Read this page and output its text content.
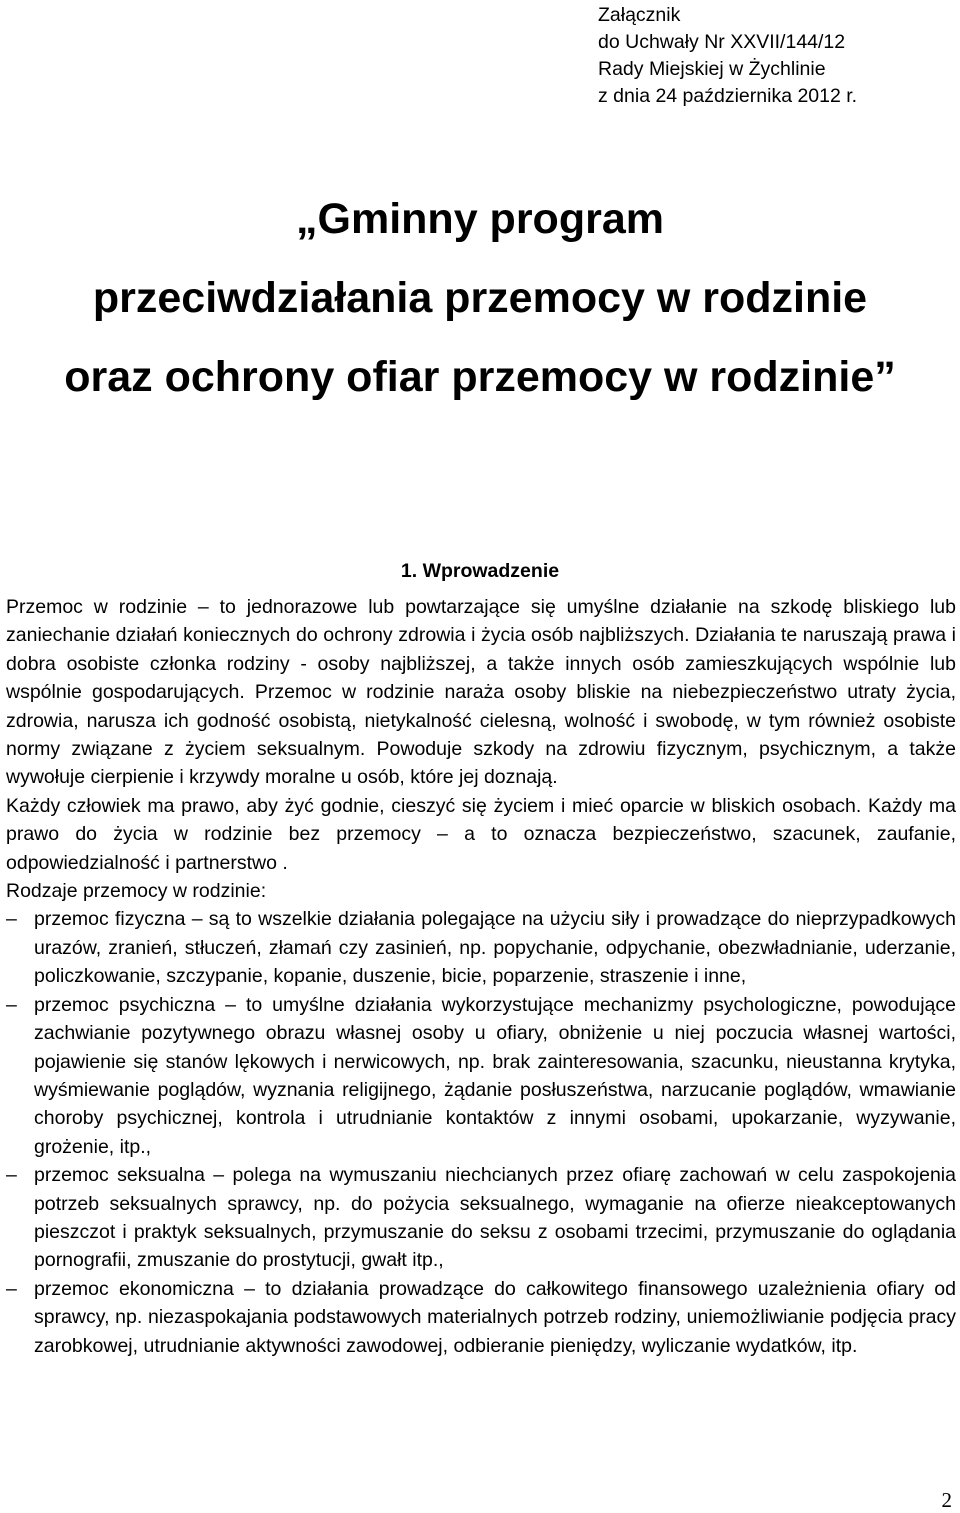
Załącznik
do Uchwały Nr XXVII/144/12
Rady Miejskiej w Żychlinie
z dnia 24 października 2012 r.
„Gminny program
przeciwdziałania przemocy w rodzinie
oraz ochrony ofiar przemocy w rodzinie”
1. Wprowadzenie

Przemoc w rodzinie – to jednorazowe lub powtarzające się umyślne działanie na szkodę bliskiego lub zaniechanie działań koniecznych do ochrony zdrowia i życia osób najbliższych. Działania te naruszają prawa i dobra osobiste członka rodziny - osoby najbliższej, a także innych osób zamieszkujących wspólnie lub wspólnie gospodarujących. Przemoc w rodzinie naraża osoby bliskie na niebezpieczeństwo utraty życia, zdrowia, narusza ich godność osobistą, nietykalność cielesną, wolność i swobodę, w tym również osobiste normy związane z życiem seksualnym. Powoduje szkody na zdrowiu fizycznym, psychicznym, a także wywołuje cierpienie i krzywdy moralne u osób, które jej doznają.

Każdy człowiek ma prawo, aby żyć godnie, cieszyć się życiem i mieć oparcie w bliskich osobach. Każdy ma prawo do życia w rodzinie bez przemocy – a to oznacza bezpieczeństwo, szacunek, zaufanie, odpowiedzialność i partnerstwo .

Rodzaje przemocy w rodzinie:

– przemoc fizyczna – są to wszelkie działania polegające na użyciu siły i prowadzące do nieprzypadkowych urazów, zranień, stłuczeń, złamań czy zasinień, np. popychanie, odpychanie, obezwładnianie, uderzanie, policzkowanie, szczypanie, kopanie, duszenie, bicie, poparzenie, straszenie i inne,
– przemoc psychiczna – to umyślne działania wykorzystujące mechanizmy psychologiczne, powodujące zachwianie pozytywnego obrazu własnej osoby u ofiary, obniżenie u niej poczucia własnej wartości, pojawienie się stanów lękowych i nerwicowych, np. brak zainteresowania, szacunku, nieustanna krytyka, wyśmiewanie poglądów, wyznania religijnego, żądanie posłuszeństwa, narzucanie poglądów, wmawianie choroby psychicznej, kontrola i utrudnianie kontaktów z innymi osobami, upokarzanie, wyzywanie, grożenie, itp.,
– przemoc seksualna – polega na wymuszaniu niechcianych przez ofiarę zachowań w celu zaspokojenia potrzeb seksualnych sprawcy, np. do pożycia seksualnego, wymaganie na ofierze nieakceptowanych pieszczot i praktyk seksualnych, przymuszanie do seksu z osobami trzecimi, przymuszanie do oglądania pornografii, zmuszanie do prostytucji, gwałt itp.,
– przemoc ekonomiczna – to działania prowadzące do całkowitego finansowego uzależnienia ofiary od sprawcy, np. niezaspokajania podstawowych materialnych potrzeb rodziny, uniemożliwianie podjęcia pracy zarobkowej, utrudnianie aktywności zawodowej, odbieranie pieniędzy, wyliczanie wydatków, itp.
2
